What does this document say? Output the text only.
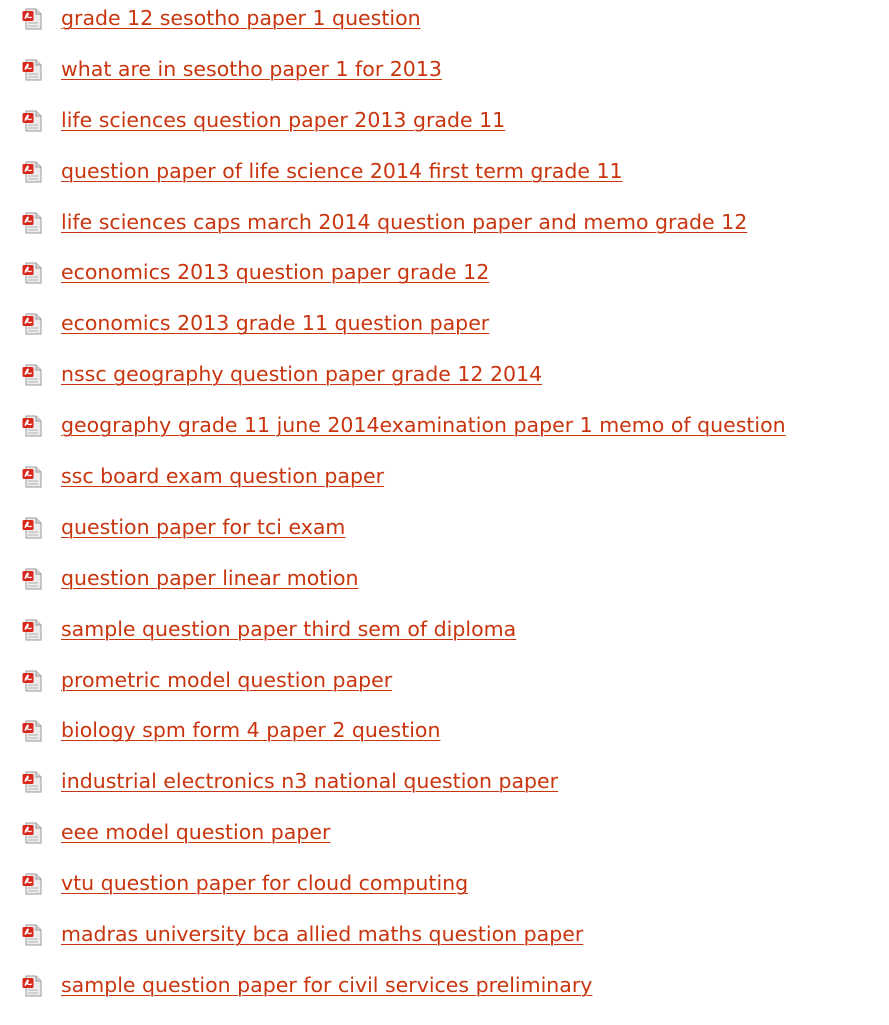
grade 12 sesotho paper 1 question
what are in sesotho paper 1 for 2013
life sciences question paper 2013 grade 11
question paper of life science 2014 first term grade 11
life sciences caps march 2014 question paper and memo grade 12
economics 2013 question paper grade 12
economics 2013 grade 11 question paper
nssc geography question paper grade 12 2014
geography grade 11 june 2014examination paper 1 memo of question
ssc board exam question paper
question paper for tci exam
question paper linear motion
sample question paper third sem of diploma
prometric model question paper
biology spm form 4 paper 2 question
industrial electronics n3 national question paper
eee model question paper
vtu question paper for cloud computing
madras university bca allied maths question paper
sample question paper for civil services preliminary
